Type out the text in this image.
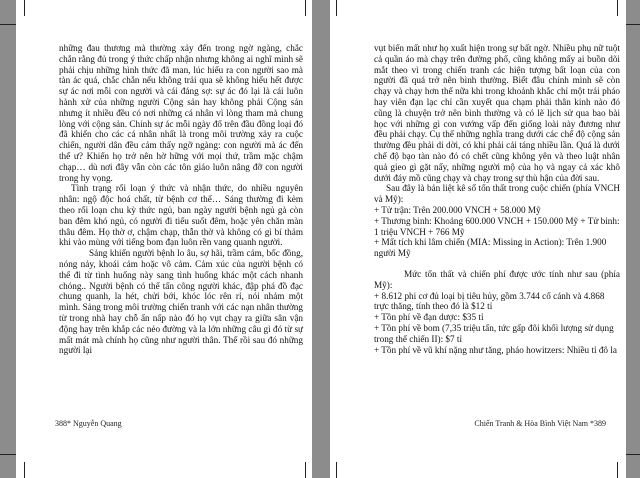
những đau thương mà thường xảy đến trong ngờ ngàng, chắc chắn rằng đủ trong ý thức chấp nhận nhưng không ai nghĩ mình sẽ phải chịu những hình thức đã man, lúc hiểu ra con người sao mà tàn ác quá, chắc chắn nếu không trải qua sẽ không hiểu hết được sự ác nơi mỗi con người và cái đáng sợ: sự ác đó lại là cái luôn hành xử của những người Cộng sản hay không phải Cộng sản nhưng ít nhiều đều có nơi những cá nhân vì lòng tham mà chung lòng với cộng sản. Chính sự ác mỗi ngày đổ trên đầu đồng loại đó đã khiến cho các cá nhân nhất là trong môi trường xảy ra cuộc chiến, người dân đều cảm thấy ngỡ ngàng: con người mà ác đến thế ư? Khiến họ trở nên hờ hững với mọi thứ, trầm mặc chậm chạp… dù nơi đây vẫn còn các tôn giáo luôn nâng đỡ con người trong hy vọng.

Tình trạng rối loạn ý thức và nhận thức, do nhiều nguyên nhân: ngộ độc hoá chất, từ bệnh cơ thể… Sáng thường đi kèm theo rối loạn chu kỳ thức ngủ, ban ngày người bệnh ngủ gà còn ban đêm khó ngủ, có người đi tiểu suốt đêm, hoặc yên chăn màn thâu đêm. Họ thờ ơ, chậm chạp, thẫn thờ và không có gì bí thảm khi vào mùng với tiếng bom đạn luôn rền vang quanh người.

Sảng khiến người bệnh lo âu, sợ hãi, trầm cảm, bốc đồng, nóng nảy, khoái cảm hoặc vô cảm. Cảm xúc của người bệnh có thể đi từ tình huống này sang tình huống khác một cách nhanh chóng.. Người bệnh có thể tấn công người khác, đập phá đồ đạc chung quanh, la hét, chửi bới, khóc lóc rên rỉ, nói nhảm một mình. Sảng trong môi trường chiến tranh với các nạn nhân thường từ trong nhà hay chỗ ẩn nấp nào đó họ vụt chạy ra giữa sân vận động hay trên khắp các nẻo đường và la lớn những câu gì đó từ sự mất mát mà chính họ cũng như người thân. Thế rồi sau đó những người lại

388* Nguyễn Quang

vụt biến mất như họ xuất hiện trong sự bất ngờ. Nhiều phụ nữ tuột cả quần áo mà chạy trên đường phố, cũng không mấy ai buồn dõi mắt theo vì trong chiến tranh các hiện tượng bất loạn của con người đã quá trở nên bình thường. Biết đâu chính mình sẽ còn chạy và chạy hơn thế nữa khi trong khoảnh khắc chỉ một trái pháo hay viên đạn lạc chỉ cần xuyết qua chạm phải thân kinh nào đó cũng là chuyện trở nên bình thường và có lẽ lịch sử qua bao bài học với những gì con vướng vấp đến giống loài này đương như đều phải chạy. Cụ thể những nghĩa trang dưới các chế độ cộng sản thường đều phải di dời, có khi phải cải táng nhiều lần. Quá là dưới chế độ bạo tàn nào đó có chết cũng không yên và theo luật nhân quả gieo gì gặt nấy, những người mộ của họ và ngay cả xác khô dưới đáy mồ cũng chạy và chạy trong sự thù hận của đời sau.

Sau đây là bản liệt kê số tổn thất trong cuộc chiến (phía VNCH và Mỹ):

+ Tử trận: Trên 200.000 VNCH + 58.000 Mỹ

+ Thương binh: Khoảng 600.000 VNCH + 150.000 Mỹ + Tử binh: 1 triệu VNCH + 766 Mỹ

+ Mất tích khi lâm chiến (MIA: Missing in Action): Trên 1.900 người Mỹ

Mức tổn thất và chiến phí được ước tính như sau (phía Mỹ):

+ 8.612 phi cơ đủ loại bị tiêu hủy, gồm 3.744 cố cánh và 4.868 trực thăng, tính theo đó là $12 tỉ

+ Tồn phí về đạn dược: $35 tỉ

+ Tồn phí về bom (7,35 triệu tấn, tức gấp đôi khối lượng sử dụng trong thế chiến II): $7 tỉ

+ Tồn phí về vũ khí nặng như tăng, pháo howitzers: Nhiều tỉ đô la

Chiến Tranh & Hòa Bình Việt Nam *389
